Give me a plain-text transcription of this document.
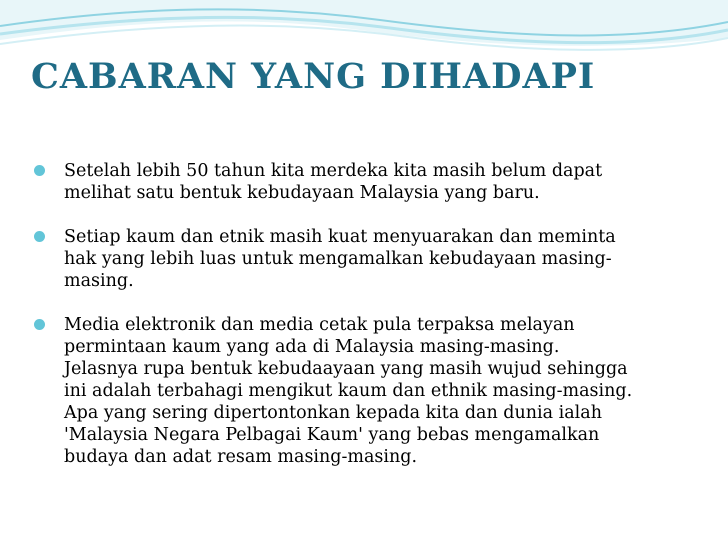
CABARAN YANG DIHADAPI
Setelah lebih 50 tahun kita merdeka kita masih belum dapat
melihat satu bentuk kebudayaan Malaysia yang baru.
Setiap kaum dan etnik masih kuat menyuarakan dan meminta
hak yang lebih luas untuk mengamalkan kebudayaan masing-
masing.
Media elektronik dan media cetak pula terpaksa melayan
permintaan kaum yang ada di Malaysia masing-masing.
Jelasnya rupa bentuk kebudaayaan yang masih wujud sehingga
ini adalah terbahagi mengikut kaum dan ethnik masing-masing.
Apa yang sering dipertontonkan kepada kita dan dunia ialah
'Malaysia Negara Pelbagai Kaum' yang bebas mengamalkan
budaya dan adat resam masing-masing.
